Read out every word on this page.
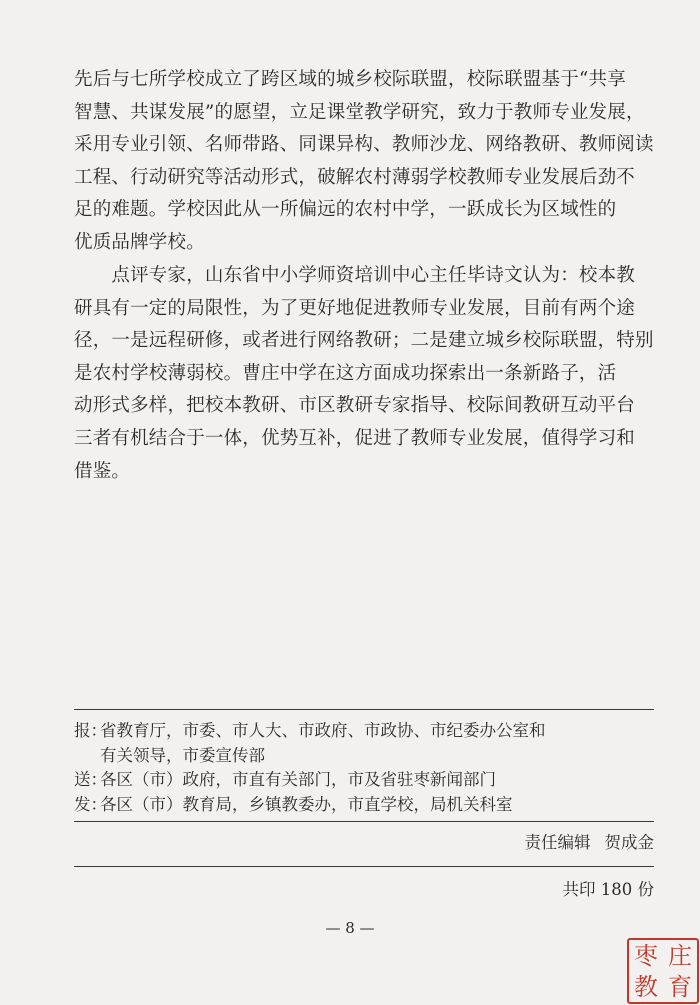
先后与七所学校成立了跨区域的城乡校际联盟，校际联盟基于“共享
智慧、共谋发展”的愿望，立足课堂教学研究，致力于教师专业发展，
采用专业引领、名师带路、同课异构、教师沙龙、网络教研、教师阅读
工程、行动研究等活动形式，破解农村薄弱学校教师专业发展后劲不
足的难题。学校因此从一所偏远的农村中学，一跃成长为区域性的
优质品牌学校。
　　点评专家，山东省中小学师资培训中心主任毕诗文认为：校本教
研具有一定的局限性，为了更好地促进教师专业发展，目前有两个途
径，一是远程研修，或者进行网络教研；二是建立城乡校际联盟，特别
是农村学校薄弱校。曹庄中学在这方面成功探索出一条新路子，活
动形式多样，把校本教研、市区教研专家指导、校际间教研互动平台
三者有机结合于一体，优势互补，促进了教师专业发展，值得学习和
借鉴。
报：省教育厅，市委、市人大、市政府、市政协、市纪委办公室和
有关领导，市委宣传部
送：各区（市）政府，市直有关部门，市及省驻枣新闻部门
发：各区（市）教育局，乡镇教委办，市直学校，局机关科室
责任编辑 贺成金
共印 180 份
— 8 —
枣 庄
教 育
